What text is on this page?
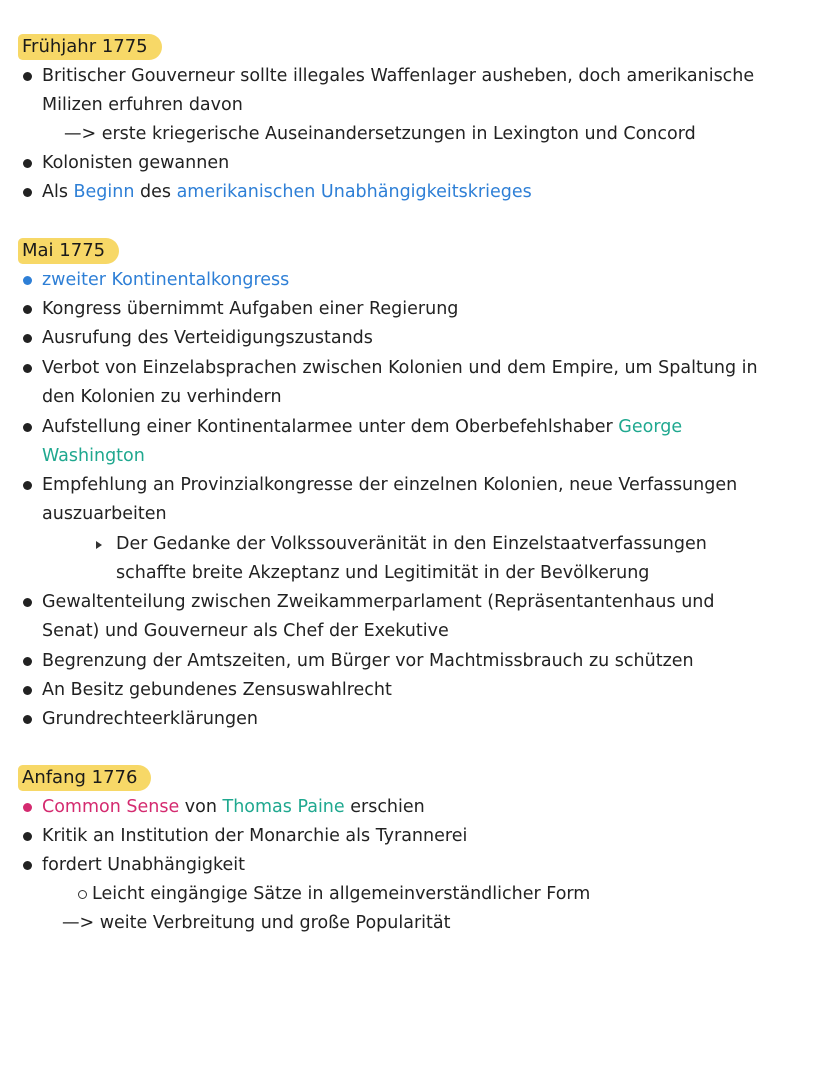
Frühjahr 1775
Britischer Gouverneur sollte illegales Waffenlager ausheben, doch amerikanische
Milizen erfuhren davon
—> erste kriegerische Auseinandersetzungen in Lexington und Concord
Kolonisten gewannen
Als Beginn des amerikanischen Unabhängigkeitskrieges
Mai 1775
zweiter Kontinentalkongress
Kongress übernimmt Aufgaben einer Regierung
Ausrufung des Verteidigungszustands
Verbot von Einzelabsprachen zwischen Kolonien und dem Empire, um Spaltung in
den Kolonien zu verhindern
Aufstellung einer Kontinentalarmee unter dem Oberbefehlshaber George
Washington
Empfehlung an Provinzialkongresse der einzelnen Kolonien, neue Verfassungen
auszuarbeiten
Der Gedanke der Volkssouveränität in den Einzelstaatverfassungen
schaffte breite Akzeptanz und Legitimität in der Bevölkerung
Gewaltenteilung zwischen Zweikammerparlament (Repräsentantenhaus und
Senat) und Gouverneur als Chef der Exekutive
Begrenzung der Amtszeiten, um Bürger vor Machtmissbrauch zu schützen
An Besitz gebundenes Zensuswahlrecht
Grundrechteerklärungen
Anfang 1776
Common Sense von Thomas Paine erschien
Kritik an Institution der Monarchie als Tyrannerei
fordert Unabhängigkeit
Leicht eingängige Sätze in allgemeinverständlicher Form
—> weite Verbreitung und große Popularität
